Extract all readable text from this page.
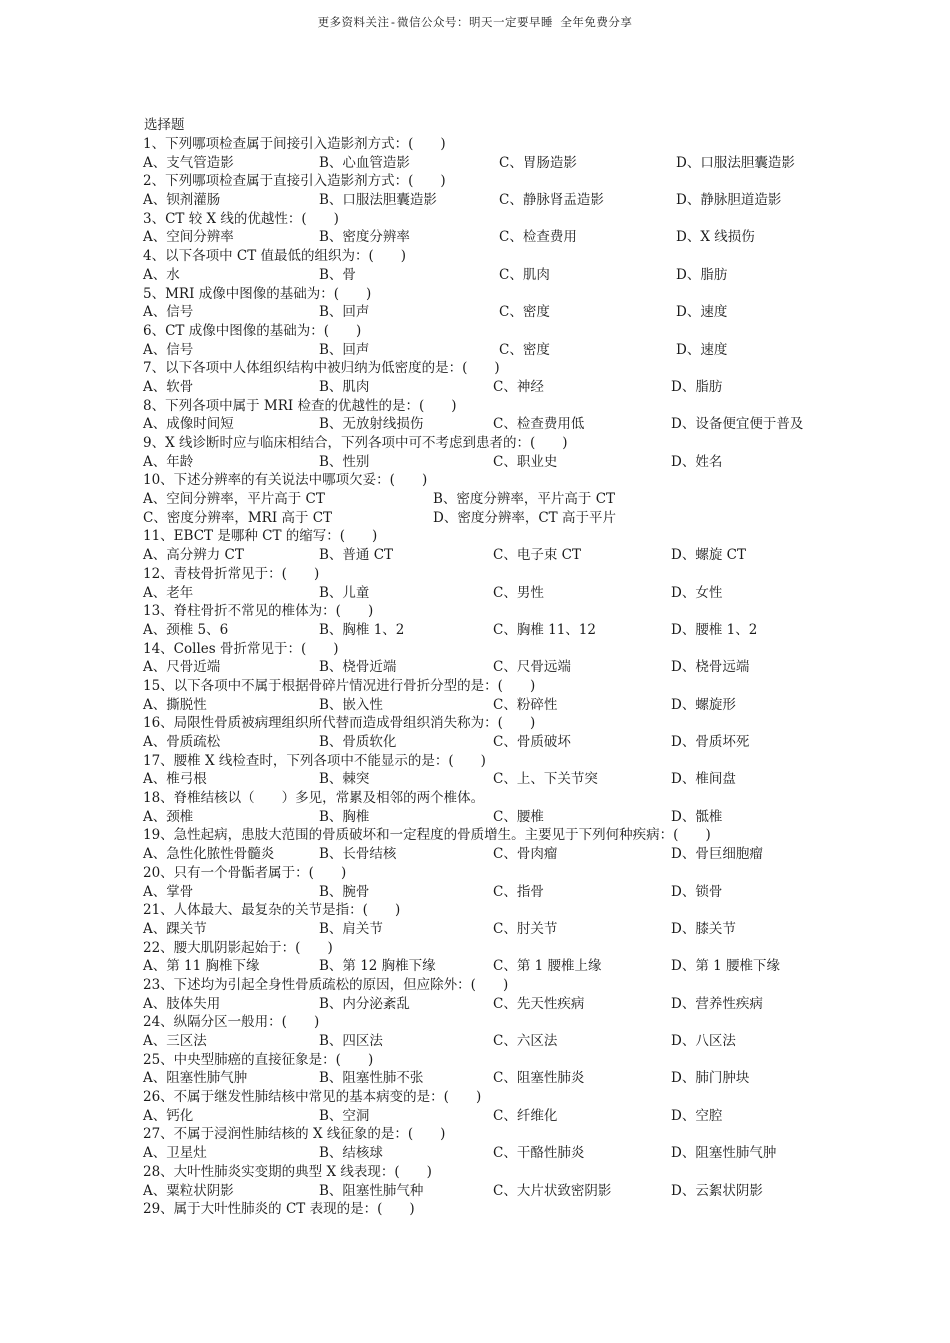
更多资料关注-微信公众号：明天一定要早睡 全年免费分享
选择题
1、下列哪项检查属于间接引入造影剂方式：(　　)
A、支气管造影	B、心血管造影	C、胃肠造影	D、口服法胆囊造影
2、下列哪项检查属于直接引入造影剂方式：(　　)
A、钡剂灌肠	B、口服法胆囊造影	C、静脉肾盂造影	D、静脉胆道造影
3、CT 较 X 线的优越性：(　　)
A、空间分辨率	B、密度分辨率	C、检查费用	D、X 线损伤
4、以下各项中 CT 值最低的组织为：(　　)
A、水	B、骨	C、肌肉	D、脂肪
5、MRI 成像中图像的基础为：(　　)
A、信号	B、回声	C、密度	D、速度
6、CT 成像中图像的基础为：(　　)
A、信号	B、回声	C、密度	D、速度
7、以下各项中人体组织结构中被归纳为低密度的是：(　　)
A、软骨	B、肌肉	C、神经	D、脂肪
8、下列各项中属于 MRI 检查的优越性的是：(　　)
A、成像时间短	B、无放射线损伤	C、检查费用低	D、设备便宜便于普及
9、X 线诊断时应与临床相结合，下列各项中可不考虑到患者的：(　　)
A、年龄	B、性别	C、职业史	D、姓名
10、下述分辨率的有关说法中哪项欠妥：(　　)
A、空间分辨率，平片高于 CT	B、密度分辨率，平片高于 CT
C、密度分辨率，MRI 高于 CT	D、密度分辨率，CT 高于平片
11、EBCT 是哪种 CT 的缩写：(　　)
A、高分辨力 CT	B、普通 CT	C、电子束 CT	D、螺旋 CT
12、青枝骨折常见于：(　　)
A、老年	B、儿童	C、男性	D、女性
13、脊柱骨折不常见的椎体为：(　　)
A、颈椎 5、6	B、胸椎 1、2	C、胸椎 11、12	D、腰椎 1、2
14、Colles 骨折常见于：(　　)
A、尺骨近端	B、桡骨近端	C、尺骨远端	D、桡骨远端
15、以下各项中不属于根据骨碎片情况进行骨折分型的是：(　　)
A、撕脱性	B、嵌入性	C、粉碎性	D、螺旋形
16、局限性骨质被病理组织所代替而造成骨组织消失称为：(　　)
A、骨质疏松	B、骨质软化	C、骨质破坏	D、骨质坏死
17、腰椎 X 线检查时，下列各项中不能显示的是：(　　)
A、椎弓根	B、棘突	C、上、下关节突	D、椎间盘
18、脊椎结核以（　　）多见，常累及相邻的两个椎体。
A、颈椎	B、胸椎	C、腰椎	D、骶椎
19、急性起病，患肢大范围的骨质破坏和一定程度的骨质增生。主要见于下列何种疾病：(　　)
A、急性化脓性骨髓炎	B、长骨结核	C、骨肉瘤	D、骨巨细胞瘤
20、只有一个骨骺者属于：(　　)
A、掌骨	B、腕骨	C、指骨	D、锁骨
21、人体最大、最复杂的关节是指：(　　)
A、踝关节	B、肩关节	C、肘关节	D、膝关节
22、腰大肌阴影起始于：(　　)
A、第 11 胸椎下缘	B、第 12 胸椎下缘	C、第 1 腰椎上缘	D、第 1 腰椎下缘
23、下述均为引起全身性骨质疏松的原因，但应除外：(　　)
A、肢体失用	B、内分泌紊乱	C、先天性疾病	D、营养性疾病
24、纵隔分区一般用：(　　)
A、三区法	B、四区法	C、六区法	D、八区法
25、中央型肺癌的直接征象是：(　　)
A、阻塞性肺气肿	B、阻塞性肺不张	C、阻塞性肺炎	D、肺门肿块
26、不属于继发性肺结核中常见的基本病变的是：(　　)
A、钙化	B、空洞	C、纤维化	D、空腔
27、不属于浸润性肺结核的 X 线征象的是：(　　)
A、卫星灶	B、结核球	C、干酪性肺炎	D、阻塞性肺气肿
28、大叶性肺炎实变期的典型 X 线表现：(　　)
A、粟粒状阴影	B、阻塞性肺气种	C、大片状致密阴影	D、云絮状阴影
29、属于大叶性肺炎的 CT 表现的是：(　　)
